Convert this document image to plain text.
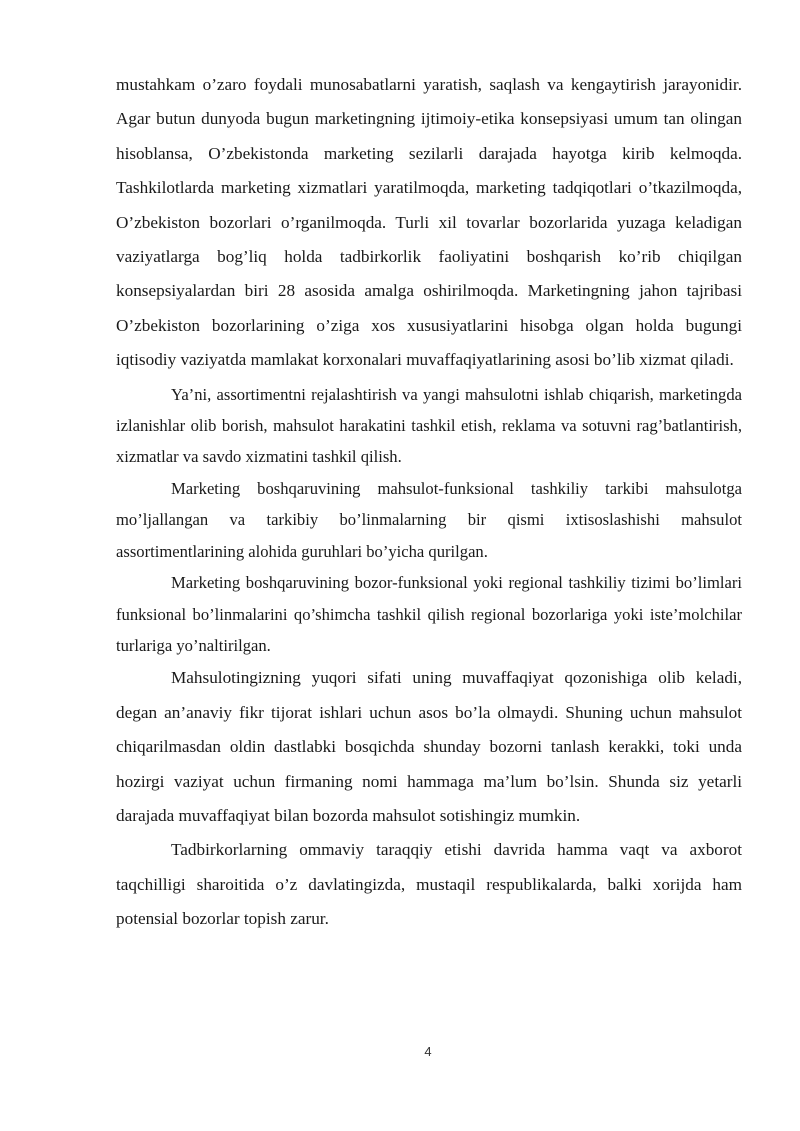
mustahkam o’zaro foydali munosabatlarni yaratish, saqlash va kengaytirish jarayonidir. Agar butun dunyoda bugun marketingning ijtimoiy-etika konsepsiyasi umum tan olingan hisoblansa, O’zbekistonda marketing sezilarli darajada hayotga kirib kelmoqda. Tashkilotlarda marketing xizmatlari yaratilmoqda, marketing tadqiqotlari o’tkazilmoqda, O’zbekiston bozorlari o’rganilmoqda. Turli xil tovarlar bozorlarida yuzaga keladigan vaziyatlarga bog’liq holda tadbirkorlik faoliyatini boshqarish ko’rib chiqilgan konsepsiyalardan biri 28 asosida amalga oshirilmoqda. Marketingning jahon tajribasi O’zbekiston bozorlarining o’ziga xos xususiyatlarini hisobga olgan holda bugungi iqtisodiy vaziyatda mamlakat korxonalari muvaffaqiyatlarining asosi bo’lib xizmat qiladi.

Ya’ni, assortimentni rejalashtirish va yangi mahsulotni ishlab chiqarish, marketingda izlanishlar olib borish, mahsulot harakatini tashkil etish, reklama va sotuvni rag’batlantirish, xizmatlar va savdo xizmatini tashkil qilish.

Marketing boshqaruvining mahsulot-funksional tashkiliy tarkibi mahsulotga mo’ljallangan va tarkibiy bo’linmalarning bir qismi ixtisoslashishi mahsulot assortimentlarining alohida guruhlari bo’yicha qurilgan.

Marketing boshqaruvining bozor-funksional yoki regional tashkiliy tizimi bo’limlari funksional bo’linmalarini qo’shimcha tashkil qilish regional bozorlariga yoki iste’molchilar turlariga yo’naltirilgan.

Mahsulotingizning yuqori sifati uning muvaffaqiyat qozonishiga olib keladi, degan an’anaviy fikr tijorat ishlari uchun asos bo’la olmaydi. Shuning uchun mahsulot chiqarilmasdan oldin dastlabki bosqichda shunday bozorni tanlash kerakki, toki unda hozirgi vaziyat uchun firmaning nomi hammaga ma’lum bo’lsin. Shunda siz yetarli darajada muvaffaqiyat bilan bozorda mahsulot sotishingiz mumkin.

Tadbirkorlarning ommaviy taraqqiy etishi davrida hamma vaqt va axborot taqchilligi sharoitida o’z davlatingizda, mustaqil respublikalarda, balki xorijda ham potensial bozorlar topish zarur.

4
